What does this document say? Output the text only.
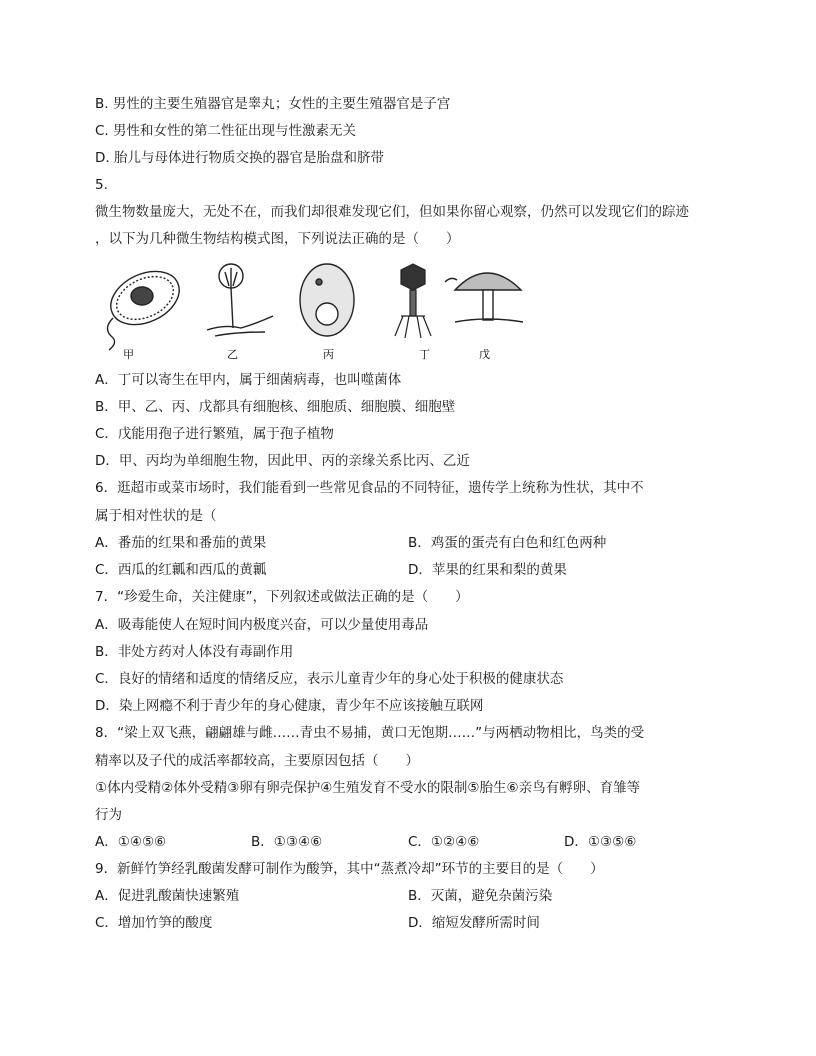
B. 男性的主要生殖器官是睾丸；女性的主要生殖器官是子宫
C. 男性和女性的第二性征出现与性激素无关
D. 胎儿与母体进行物质交换的器官是胎盘和脐带
5.
微生物数量庞大，无处不在，而我们却很难发现它们，但如果你留心观察，仍然可以发现它们的踪迹
，以下为几种微生物结构模式图，下列说法正确的是（　　）
甲	乙	丙	丁	戊
A．丁可以寄生在甲内，属于细菌病毒，也叫噬菌体
B．甲、乙、丙、戊都具有细胞核、细胞质、细胞膜、细胞壁
C．戊能用孢子进行繁殖，属于孢子植物
D．甲、丙均为单细胞生物，因此甲、丙的亲缘关系比丙、乙近
6．逛超市或菜市场时，我们能看到一些常见食品的不同特征，遗传学上统称为性状，其中不
属于相对性状的是（
A．番茄的红果和番茄的黄果	B．鸡蛋的蛋壳有白色和红色两种
C．西瓜的红瓤和西瓜的黄瓤	D．苹果的红果和梨的黄果
7．“珍爱生命，关注健康”，下列叙述或做法正确的是（　　）
A．吸毒能使人在短时间内极度兴奋，可以少量使用毒品
B．非处方药对人体没有毒副作用
C．良好的情绪和适度的情绪反应，表示儿童青少年的身心处于积极的健康状态
D．染上网瘾不利于青少年的身心健康，青少年不应该接触互联网
8．“梁上双飞燕，翩翩雄与雌……青虫不易捕，黄口无饱期……”与两栖动物相比，鸟类的受
精率以及子代的成活率都较高，主要原因包括（　　）
①体内受精②体外受精③卵有卵壳保护④生殖发育不受水的限制⑤胎生⑥亲鸟有孵卵、育雏等
行为
A．①④⑤⑥	B．①③④⑥	C．①②④⑥	D．①③⑤⑥
9．新鲜竹笋经乳酸菌发酵可制作为酸笋，其中“蒸煮冷却”环节的主要目的是（　　）
A．促进乳酸菌快速繁殖	B．灭菌，避免杂菌污染
C．增加竹笋的酸度	D．缩短发酵所需时间
